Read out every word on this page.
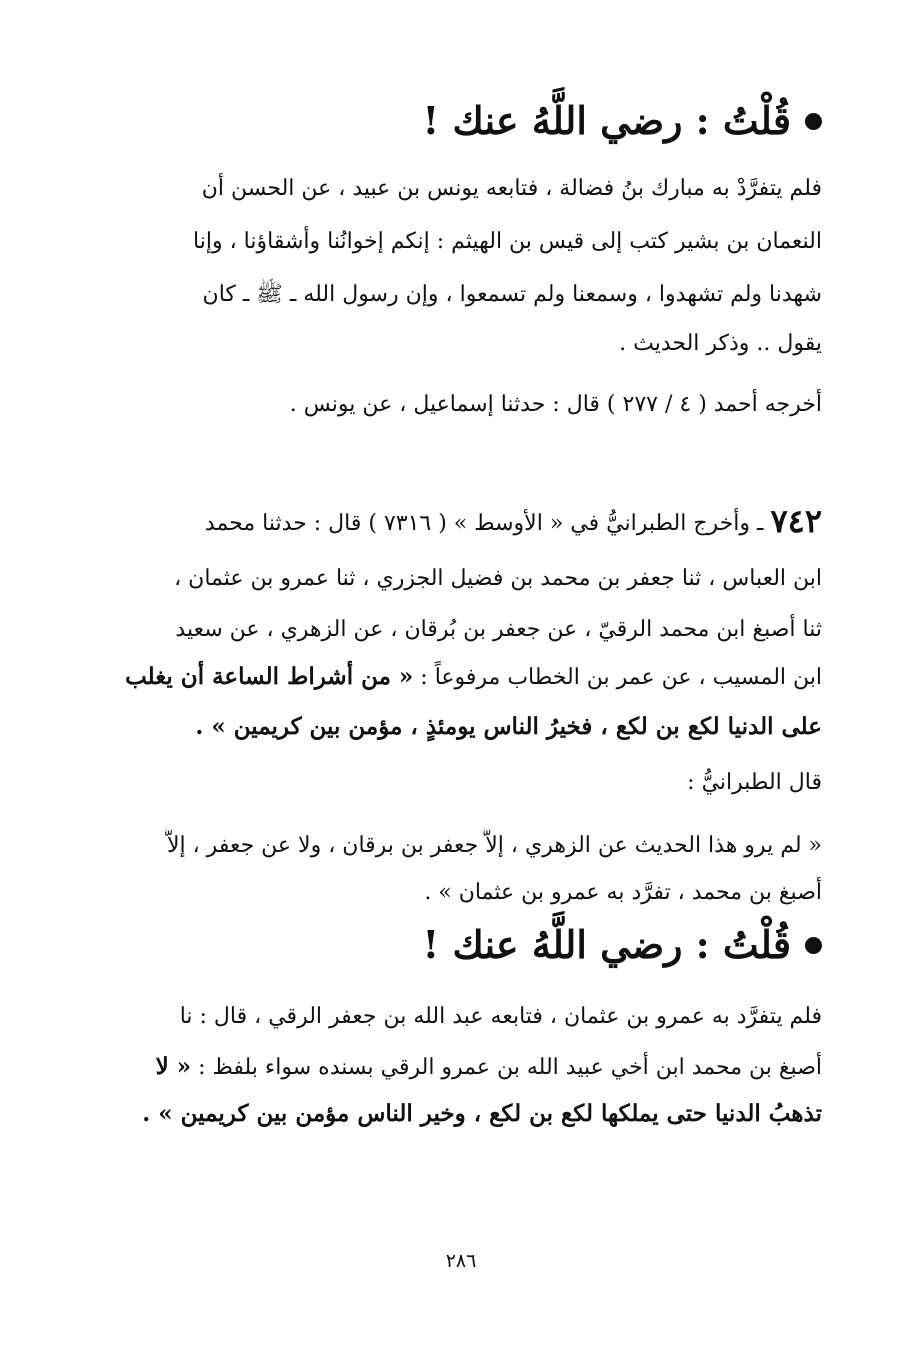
قُلْتُ : رضي اللَّهُ عنك !
فلم يتفرَّدْ به مبارك بنُ فضالة ، فتابعه يونس بن عبيد ، عن الحسن أن
النعمان بن بشير كتب إلى قيس بن الهيثم : إنكم إخوانُنا وأشقاؤنا ، وإنا
شهدنا ولم تشهدوا ، وسمعنا ولم تسمعوا ، وإن رسول الله ـ ﷺ ـ كان
يقول .. وذكر الحديث .
أخرجه أحمد ( ٤ / ٢٧٧ ) قال : حدثنا إسماعيل ، عن يونس .
٧٤٢ ـ وأخرج الطبرانيُّ في « الأوسط » ( ٧٣١٦ ) قال : حدثنا محمد
ابن العباس ، ثنا جعفر بن محمد بن فضيل الجزري ، ثنا عمرو بن عثمان ،
ثنا أصبغ ابن محمد الرقيّ ، عن جعفر بن بُرقان ، عن الزهري ، عن سعيد
ابن المسيب ، عن عمر بن الخطاب مرفوعاً : « من أشراط الساعة أن يغلب
على الدنيا لكع بن لكع ، فخيرُ الناس يومئذٍ ، مؤمن بين كريمين » .
قال الطبرانيُّ :
« لم يرو هذا الحديث عن الزهري ، إلاَّ جعفر بن برقان ، ولا عن جعفر ، إلاَّ
أصبغ بن محمد ، تفرَّد به عمرو بن عثمان » .
قُلْتُ : رضي اللَّهُ عنك !
فلم يتفرَّد به عمرو بن عثمان ، فتابعه عبد الله بن جعفر الرقي ، قال : نا
أصبغ بن محمد ابن أخي عبيد الله بن عمرو الرقي بسنده سواء بلفظ : « لا
تذهبُ الدنيا حتى يملكها لكع بن لكع ، وخير الناس مؤمن بين كريمين » .
٢٨٦
